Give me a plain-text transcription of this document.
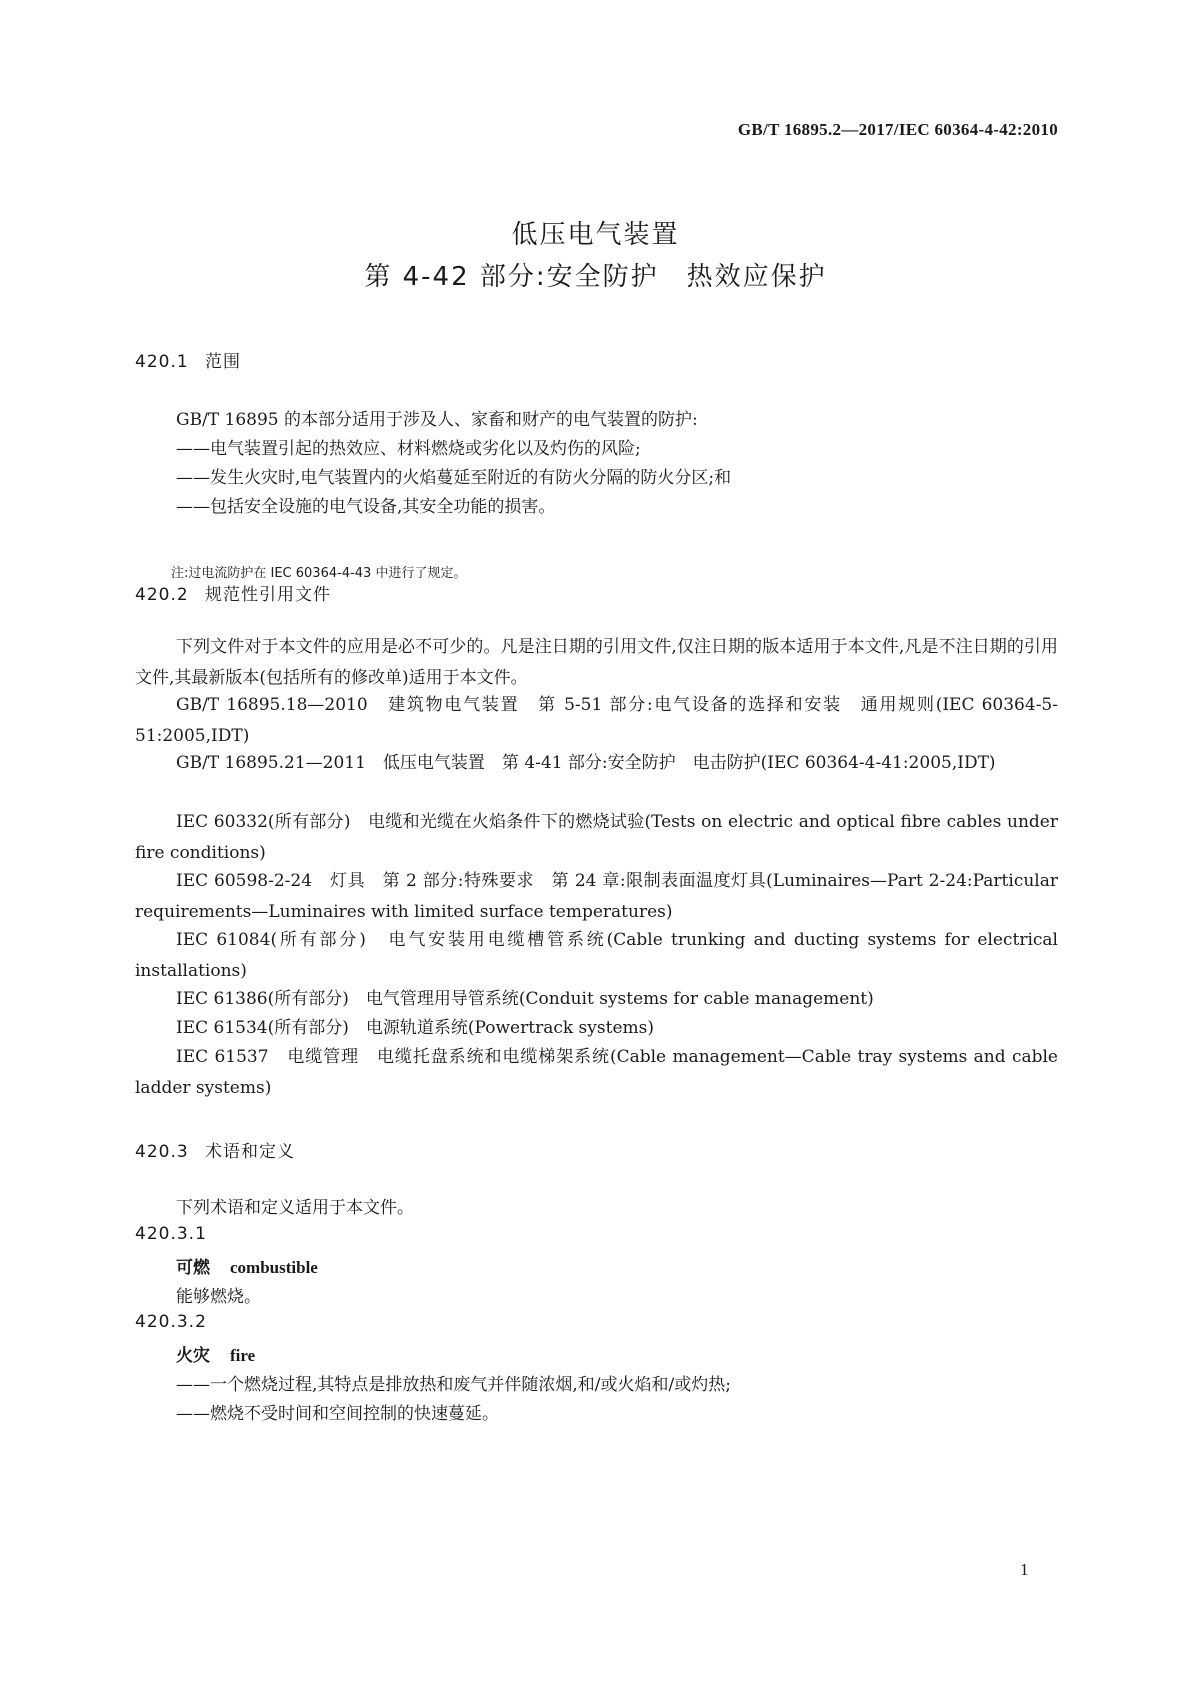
GB/T 16895.2—2017/IEC 60364-4-42:2010
低压电气装置
第 4-42 部分:安全防护　热效应保护
420.1 范围
GB/T 16895 的本部分适用于涉及人、家畜和财产的电气装置的防护:
——电气装置引起的热效应、材料燃烧或劣化以及灼伤的风险;
——发生火灾时,电气装置内的火焰蔓延至附近的有防火分隔的防火分区;和
——包括安全设施的电气设备,其安全功能的损害。
注:过电流防护在 IEC 60364-4-43 中进行了规定。
420.2 规范性引用文件
下列文件对于本文件的应用是必不可少的。凡是注日期的引用文件,仅注日期的版本适用于本文件,凡是不注日期的引用文件,其最新版本(包括所有的修改单)适用于本文件。
GB/T 16895.18—2010　建筑物电气装置　第 5-51 部分:电气设备的选择和安装　通用规则(IEC 60364-5-51:2005,IDT)
GB/T 16895.21—2011　低压电气装置　第 4-41 部分:安全防护　电击防护(IEC 60364-4-41:2005,IDT)
IEC 60332(所有部分)　电缆和光缆在火焰条件下的燃烧试验(Tests on electric and optical fibre cables under fire conditions)
IEC 60598-2-24　灯具　第 2 部分:特殊要求　第 24 章:限制表面温度灯具(Luminaires—Part 2-24:Particular requirements—Luminaires with limited surface temperatures)
IEC 61084(所有部分)　电气安装用电缆槽管系统(Cable trunking and ducting systems for electrical installations)
IEC 61386(所有部分)　电气管理用导管系统(Conduit systems for cable management)
IEC 61534(所有部分)　电源轨道系统(Powertrack systems)
IEC 61537　电缆管理　电缆托盘系统和电缆梯架系统(Cable management—Cable tray systems and cable ladder systems)
420.3 术语和定义
下列术语和定义适用于本文件。
420.3.1
可燃 combustible
能够燃烧。
420.3.2
火灾 fire
——一个燃烧过程,其特点是排放热和废气并伴随浓烟,和/或火焰和/或灼热;
——燃烧不受时间和空间控制的快速蔓延。
1
